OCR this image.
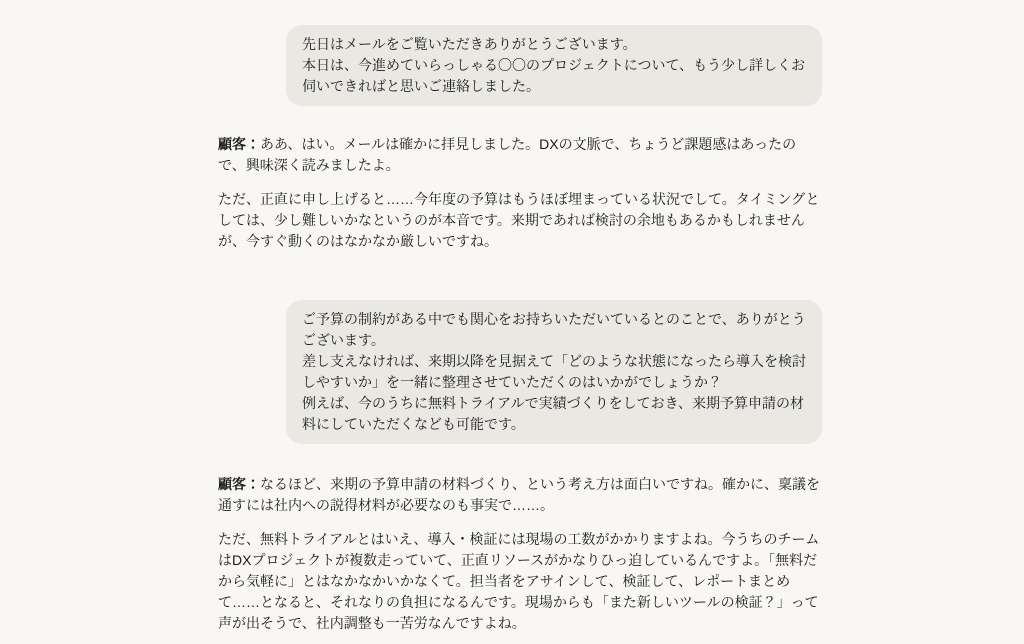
先日はメールをご覧いただきありがとうございます。
本日は、今進めていらっしゃる〇〇のプロジェクトについて、もう少し詳しくお伺いできればと思いご連絡しました。

顧客：ああ、はい。メールは確かに拝見しました。DXの文脈で、ちょうど課題感はあったので、興味深く読みましたよ。

ただ、正直に申し上げると……今年度の予算はもうほぼ埋まっている状況でして。タイミングとしては、少し難しいかなというのが本音です。来期であれば検討の余地もあるかもしれませんが、今すぐ動くのはなかなか厳しいですね。

ご予算の制約がある中でも関心をお持ちいただいているとのことで、ありがとうございます。
差し支えなければ、来期以降を見据えて「どのような状態になったら導入を検討しやすいか」を一緒に整理させていただくのはいかがでしょうか？
例えば、今のうちに無料トライアルで実績づくりをしておき、来期予算申請の材料にしていただくなども可能です。

顧客：なるほど、来期の予算申請の材料づくり、という考え方は面白いですね。確かに、稟議を通すには社内への説得材料が必要なのも事実で……。

ただ、無料トライアルとはいえ、導入・検証には現場の工数がかかりますよね。今うちのチームはDXプロジェクトが複数走っていて、正直リソースがかなりひっ迫しているんですよ。「無料だから気軽に」とはなかなかいかなくて。担当者をアサインして、検証して、レポートまとめて……となると、それなりの負担になるんです。現場からも「また新しいツールの検証？」って声が出そうで、社内調整も一苦労なんですよね。
